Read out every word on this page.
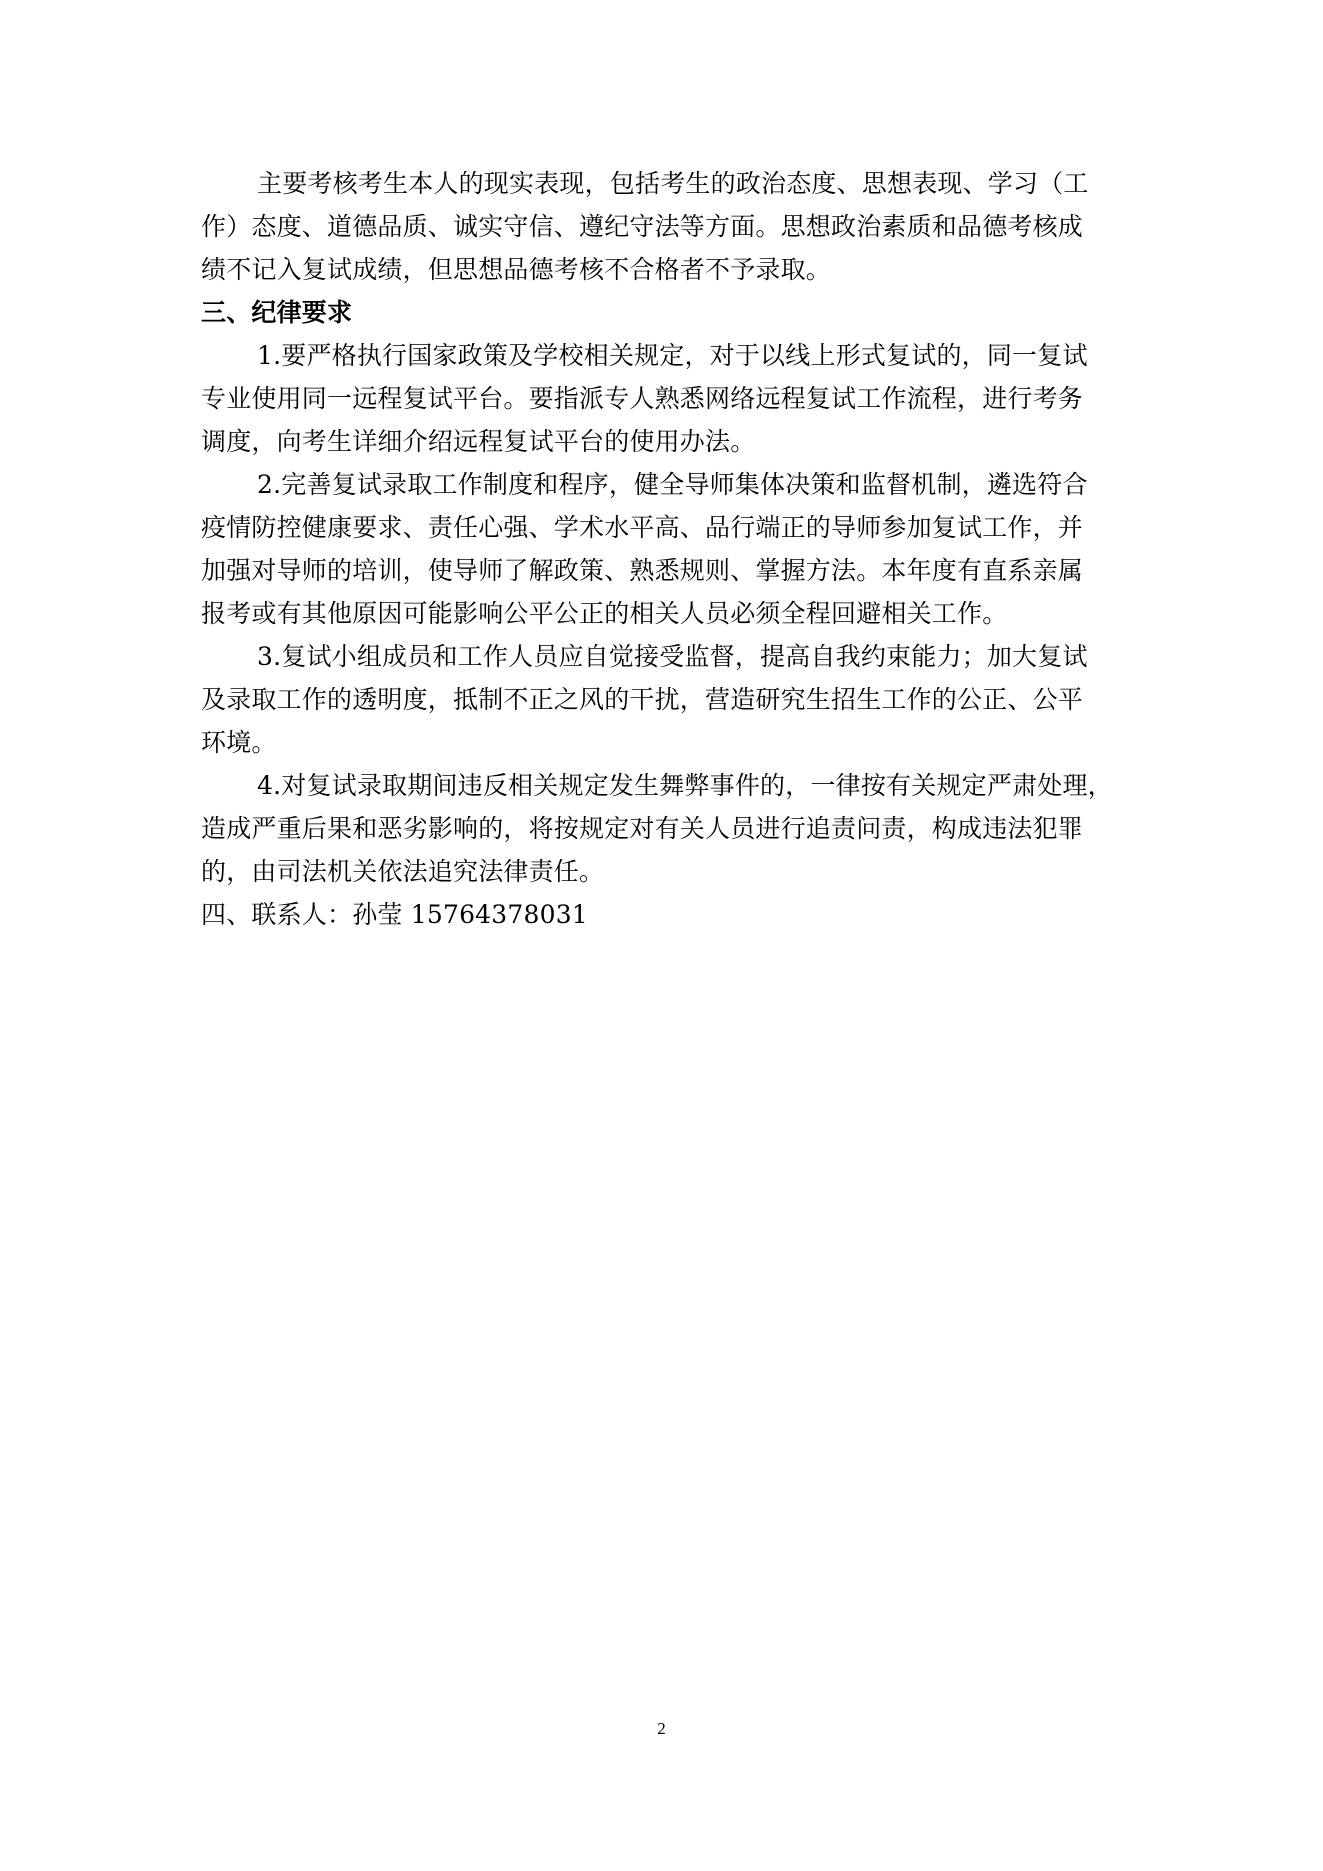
主要考核考生本人的现实表现，包括考生的政治态度、思想表现、学习（工
作）态度、道德品质、诚实守信、遵纪守法等方面。思想政治素质和品德考核成
绩不记入复试成绩，但思想品德考核不合格者不予录取。
三、纪律要求
1.要严格执行国家政策及学校相关规定，对于以线上形式复试的，同一复试
专业使用同一远程复试平台。要指派专人熟悉网络远程复试工作流程，进行考务
调度，向考生详细介绍远程复试平台的使用办法。
2.完善复试录取工作制度和程序，健全导师集体决策和监督机制，遴选符合
疫情防控健康要求、责任心强、学术水平高、品行端正的导师参加复试工作，并
加强对导师的培训，使导师了解政策、熟悉规则、掌握方法。本年度有直系亲属
报考或有其他原因可能影响公平公正的相关人员必须全程回避相关工作。
3.复试小组成员和工作人员应自觉接受监督，提高自我约束能力；加大复试
及录取工作的透明度，抵制不正之风的干扰，营造研究生招生工作的公正、公平
环境。
4.对复试录取期间违反相关规定发生舞弊事件的，一律按有关规定严肃处理，
造成严重后果和恶劣影响的，将按规定对有关人员进行追责问责，构成违法犯罪
的，由司法机关依法追究法律责任。
四、联系人：孙莹 15764378031
2
